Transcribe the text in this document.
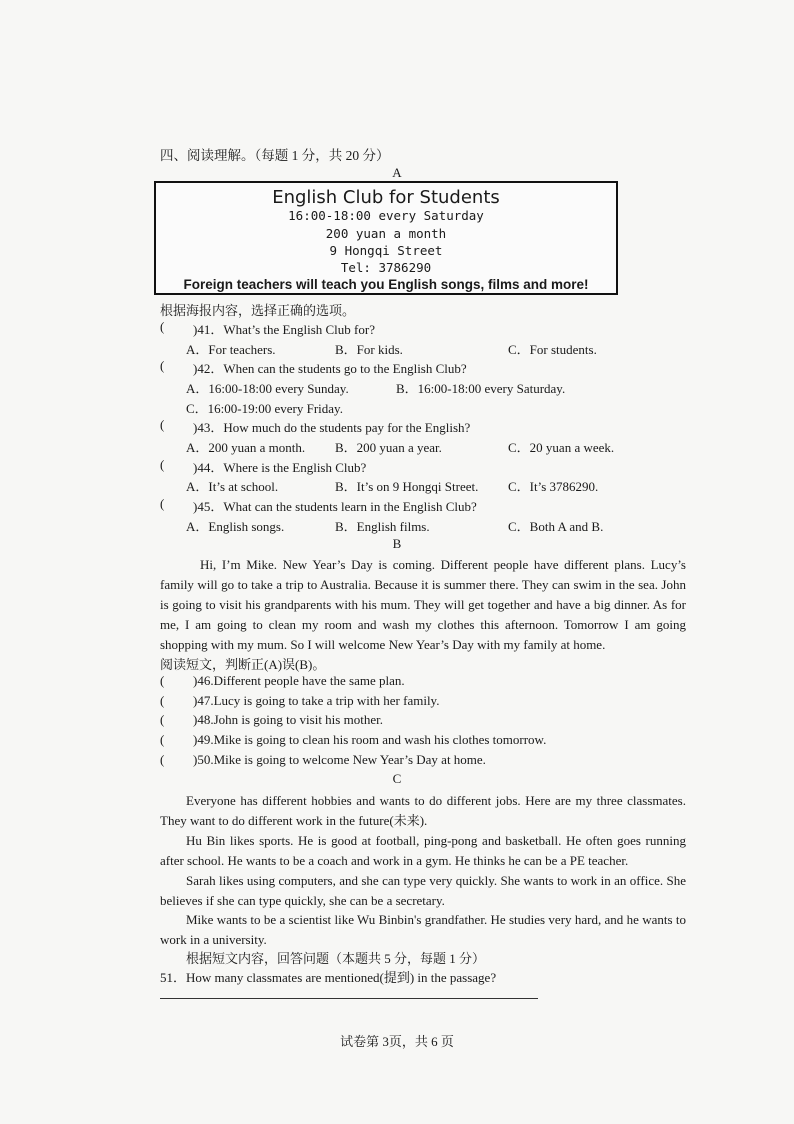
四、阅读理解。（每题 1 分，共 20 分）
A
English Club for Students
16:00-18:00 every Saturday
200 yuan a month
9 Hongqi Street
Tel: 3786290
Foreign teachers will teach you English songs, films and more!
根据海报内容，选择正确的选项。
( )41．What’s the English Club for?
A．For teachers.	B．For kids.	C．For students.
( )42．When can the students go to the English Club?
A．16:00-18:00 every Sunday.	B．16:00-18:00 every Saturday.
C．16:00-19:00 every Friday.
( )43．How much do the students pay for the English?
A．200 yuan a month. B．200 yuan a year.	C．20 yuan a week.
( )44．Where is the English Club?
A．It’s at school.	B．It’s on 9 Hongqi Street. C．It’s 3786290.
( )45．What can the students learn in the English Club?
A．English songs.	B．English films.	C．Both A and B.
B

Hi, I’m Mike. New Year’s Day is coming. Different people have different plans. Lucy’s family will go to take a trip to Australia. Because it is summer there. They can swim in the sea. John is going to visit his grandparents with his mum. They will get together and have a big dinner. As for me, I am going to clean my room and wash my clothes this afternoon. Tomorrow I am going shopping with my mum. So I will welcome New Year’s Day with my family at home.

阅读短文，判断正(A)误(B)。
( )46.Different people have the same plan.
( )47.Lucy is going to take a trip with her family.
( )48.John is going to visit his mother.
( )49.Mike is going to clean his room and wash his clothes tomorrow.
( )50.Mike is going to welcome New Year’s Day at home.
C

Everyone has different hobbies and wants to do different jobs. Here are my three classmates. They want to do different work in the future(未来).

Hu Bin likes sports. He is good at football, ping-pong and basketball. He often goes running after school. He wants to be a coach and work in a gym. He thinks he can be a PE teacher.

Sarah likes using computers, and she can type very quickly. She wants to work in an office. She believes if she can type quickly, she can be a secretary.

Mike wants to be a scientist like Wu Binbin's grandfather. He studies very hard, and he wants to work in a university.

根据短文内容，回答问题（本题共 5 分，每题 1 分）
51．How many classmates are mentioned(提到) in the passage?
试卷第 3页，共 6 页
